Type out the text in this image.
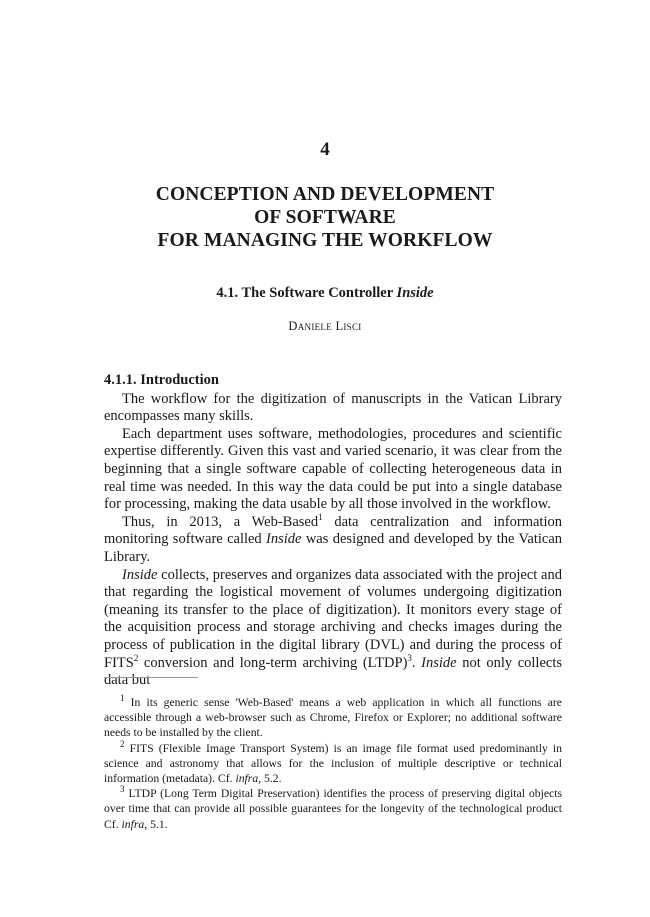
4
CONCEPTION AND DEVELOPMENT
OF SOFTWARE
FOR MANAGING THE WORKFLOW
4.1. The Software Controller Inside
Daniele Lisci
4.1.1. Introduction

The workflow for the digitization of manuscripts in the Vatican Library encompasses many skills.

Each department uses software, methodologies, procedures and scientific expertise differently. Given this vast and varied scenario, it was clear from the beginning that a single software capable of collecting heterogeneous data in real time was needed. In this way the data could be put into a single database for processing, making the data usable by all those involved in the workflow.

Thus, in 2013, a Web-Based$^1$ data centralization and information monitoring software called Inside was designed and developed by the Vatican Library.

Inside collects, preserves and organizes data associated with the project and that regarding the logistical movement of volumes undergoing digitization (meaning its transfer to the place of digitization). It monitors every stage of the acquisition process and storage archiving and checks images during the process of publication in the digital library (DVL) and during the process of FITS$^2$ conversion and long-term archiving (LTDP)$^3$. Inside not only collects data but

$^1$ In its generic sense 'Web-Based' means a web application in which all functions are accessible through a web-browser such as Chrome, Firefox or Explorer; no additional software needs to be installed by the client.

$^2$ FITS (Flexible Image Transport System) is an image file format used predominantly in science and astronomy that allows for the inclusion of multiple descriptive or technical information (metadata). Cf. infra, 5.2.

$^3$ LTDP (Long Term Digital Preservation) identifies the process of preserving digital objects over time that can provide all possible guarantees for the longevity of the technological product Cf. infra, 5.1.
